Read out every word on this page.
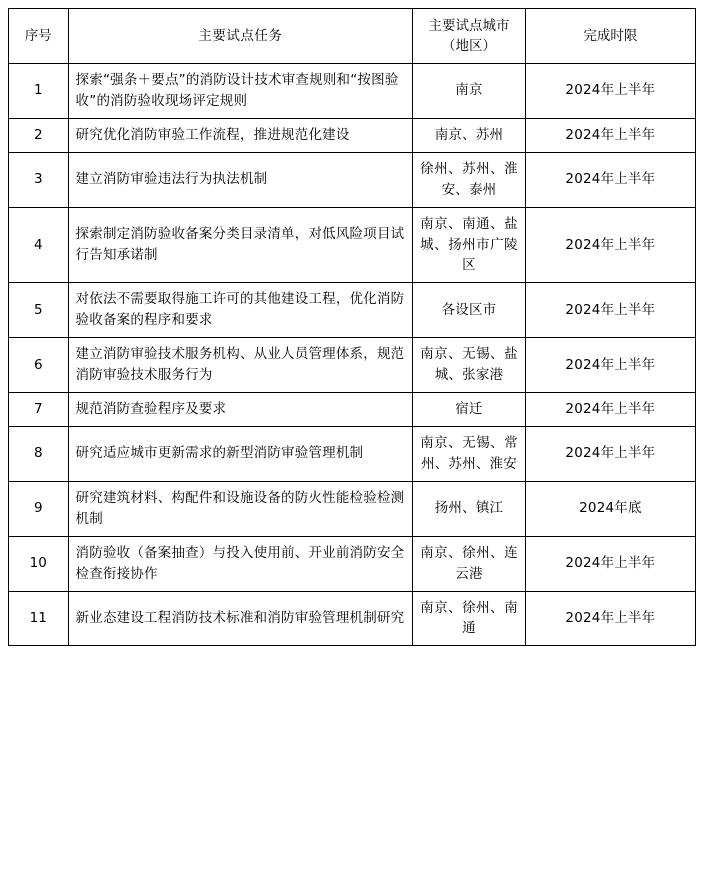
序号	主要试点任务	主要试点城市（地区）	完成时限
1	探索“强条＋要点”的消防设计技术审查规则和“按图验收”的消防验收现场评定规则	南京	2024年上半年
2	研究优化消防审验工作流程，推进规范化建设	南京、苏州	2024年上半年
3	建立消防审验违法行为执法机制	徐州、苏州、淮安、泰州	2024年上半年
4	探索制定消防验收备案分类目录清单，对低风险项目试行告知承诺制	南京、南通、盐城、扬州市广陵区	2024年上半年
5	对依法不需要取得施工许可的其他建设工程，优化消防验收备案的程序和要求	各设区市	2024年上半年
6	建立消防审验技术服务机构、从业人员管理体系，规范消防审验技术服务行为	南京、无锡、盐城、张家港	2024年上半年
7	规范消防查验程序及要求	宿迁	2024年上半年
8	研究适应城市更新需求的新型消防审验管理机制	南京、无锡、常州、苏州、淮安	2024年上半年
9	研究建筑材料、构配件和设施设备的防火性能检验检测机制	扬州、镇江	2024年底
10	消防验收（备案抽查）与投入使用前、开业前消防安全检查衔接协作	南京、徐州、连云港	2024年上半年
11	新业态建设工程消防技术标准和消防审验管理机制研究	南京、徐州、南通	2024年上半年
